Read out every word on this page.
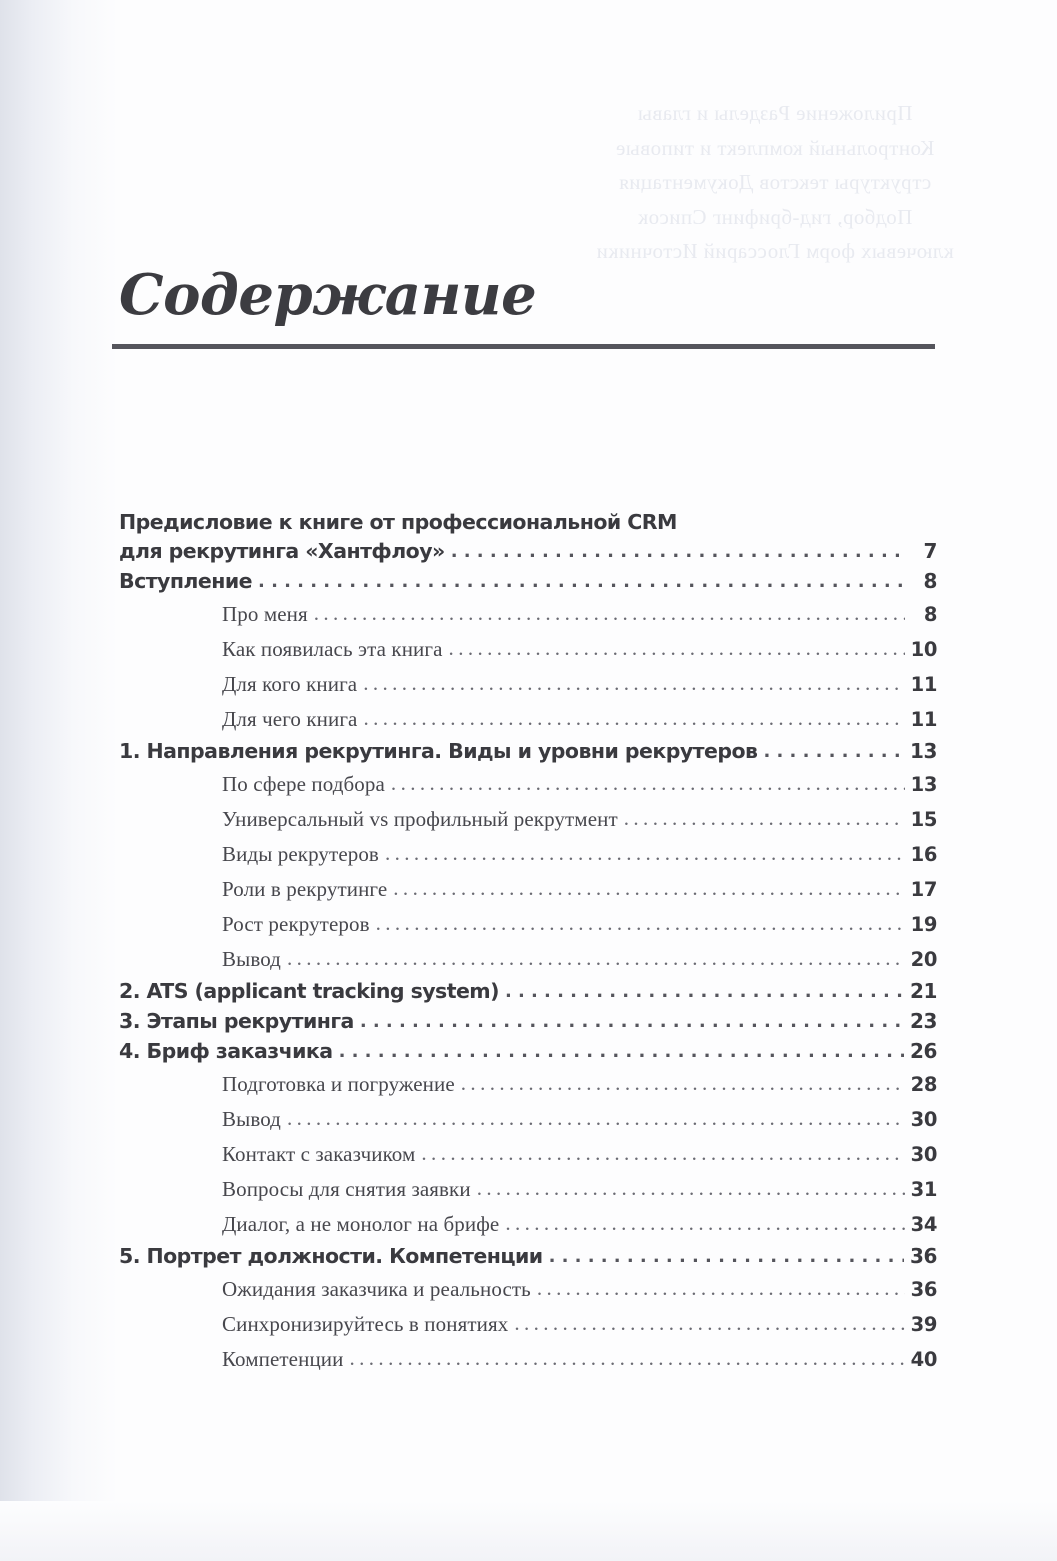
Приложение Разделы и главы Контрольный комплект и типовые структуры текстов Документация Подбор, гид-брифинг Список ключевых форм Глоссарий Источники
Содержание
Предисловие к книге от профессиональной CRM
для рекрутинга «Хантфлоу» .....	7
Вступление .....	8
Про меня .....	8
Как появилась эта книга .....	10
Для кого книга .....	11
Для чего книга .....	11
1. Направления рекрутинга. Виды и уровни рекрутеров .....	13
По сфере подбора .....	13
Универсальный vs профильный рекрутмент .....	15
Виды рекрутеров .....	16
Роли в рекрутинге .....	17
Рост рекрутеров .....	19
Вывод .....	20
2. ATS (applicant tracking system) .....	21
3. Этапы рекрутинга .....	23
4. Бриф заказчика .....	26
Подготовка и погружение .....	28
Вывод .....	30
Контакт с заказчиком .....	30
Вопросы для снятия заявки .....	31
Диалог, а не монолог на брифе .....	34
5. Портрет должности. Компетенции .....	36
Ожидания заказчика и реальность .....	36
Синхронизируйтесь в понятиях .....	39
Компетенции .....	40
